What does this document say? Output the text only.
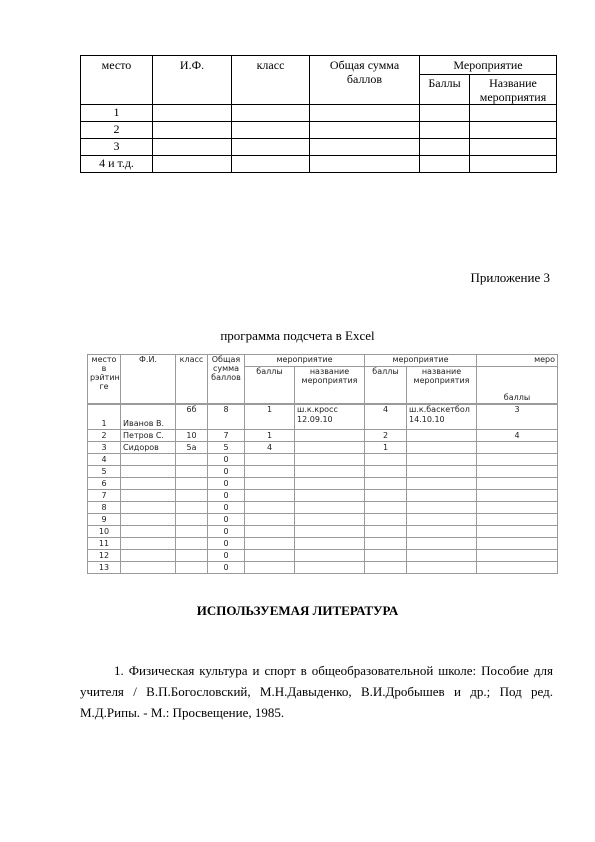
место	И.Ф.	класс	Общая сумма баллов	Мероприятие	
				Баллы	Название мероприятия
1					
2					
3					
4 и т.д.					
Приложение 3
программа подсчета в Excel
место в рэйтин ге	Ф.И.	класс	Общая сумма баллов	мероприятие		мероприятие		меро
				баллы	название мероприятия	баллы	название мероприятия	баллы
1	Иванов В.	6б	8	1	ш.к.кросс 12.09.10	4	ш.к.баскетбол 14.10.10	3
2	Петров С.	10	7	1		2		4
3	Сидоров	5а	5	4		1		
4			0					
5			0					
6			0					
7			0					
8			0					
9			0					
10			0					
11			0					
12			0					
13			0					
ИСПОЛЬЗУЕМАЯ ЛИТЕРАТУРА
1. Физическая культура и спорт в общеобразовательной школе: Пособие для учителя / В.П.Богословский, М.Н.Давыденко, В.И.Дробышев и др.; Под ред. М.Д.Рипы. - М.: Просвещение, 1985.
